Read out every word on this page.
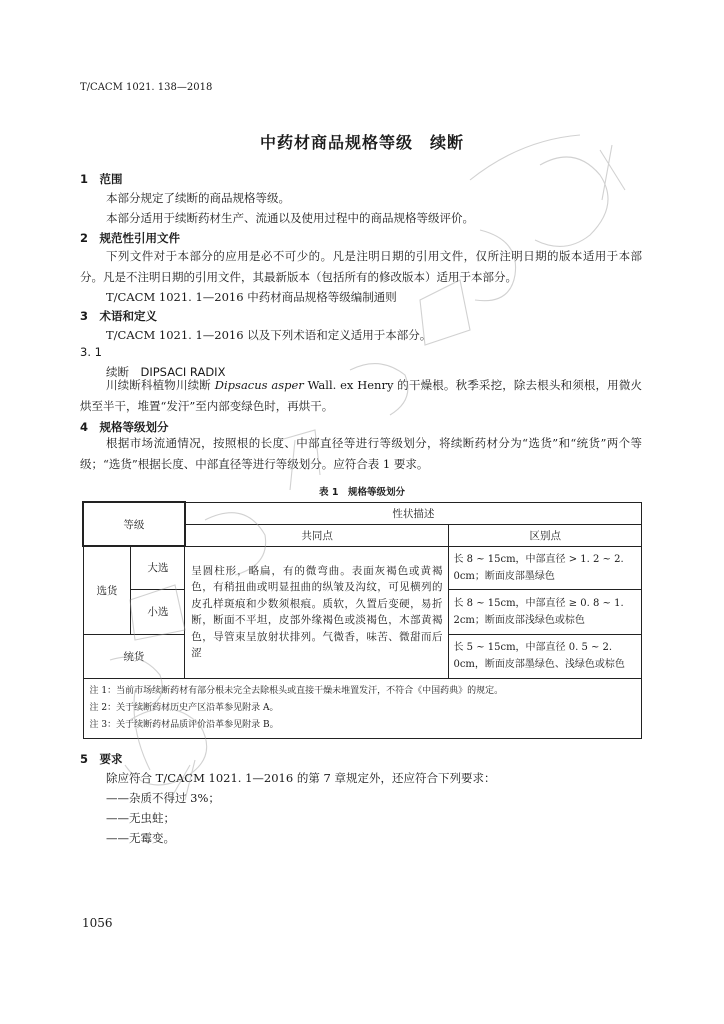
T/CACM 1021. 138—2018
中药材商品规格等级　续断
1　范围
本部分规定了续断的商品规格等级。
本部分适用于续断药材生产、流通以及使用过程中的商品规格等级评价。
2　规范性引用文件
下列文件对于本部分的应用是必不可少的。凡是注明日期的引用文件，仅所注明日期的版本适用于本部分。凡是不注明日期的引用文件，其最新版本（包括所有的修改版本）适用于本部分。
T/CACM 1021. 1—2016 中药材商品规格等级编制通则
3　术语和定义
T/CACM 1021. 1—2016 以及下列术语和定义适用于本部分。
3. 1
续断　DIPSACI RADIX
川续断科植物川续断 Dipsacus asper Wall. ex Henry 的干燥根。秋季采挖，除去根头和须根，用微火烘至半干，堆置“发汗”至内部变绿色时，再烘干。
4　规格等级划分
根据市场流通情况，按照根的长度、中部直径等进行等级划分，将续断药材分为“选货”和“统货”两个等级；“选货”根据长度、中部直径等进行等级划分。应符合表 1 要求。
表 1　规格等级划分
等级		性状描述	
		共同点	区别点
选货	大选	呈圆柱形，略扁，有的微弯曲。表面灰褐色或黄褐色，有稍扭曲或明显扭曲的纵皱及沟纹，可见横列的皮孔样斑痕和少数须根痕。质软，久置后变硬，易折断，断面不平坦，皮部外缘褐色或淡褐色，木部黄褐色，导管束呈放射状排列。气微香，味苦、微甜而后涩	长 8 ~ 15cm，中部直径 > 1. 2 ~ 2. 0cm；断面皮部墨绿色
	小选		长 8 ~ 15cm，中部直径 ≥ 0. 8 ~ 1. 2cm；断面皮部浅绿色或棕色
统货			长 5 ~ 15cm，中部直径 0. 5 ~ 2. 0cm，断面皮部墨绿色、浅绿色或棕色

注 1：当前市场续断药材有部分根未完全去除根头或直接干燥未堆置发汗，不符合《中国药典》的规定。
注 2：关于续断药材历史产区沿革参见附录 A。
注 3：关于续断药材品质评价沿革参见附录 B。			
5　要求
除应符合 T/CACM 1021. 1—2016 的第 7 章规定外，还应符合下列要求：
——杂质不得过 3%；
——无虫蛀；
——无霉变。
1056
